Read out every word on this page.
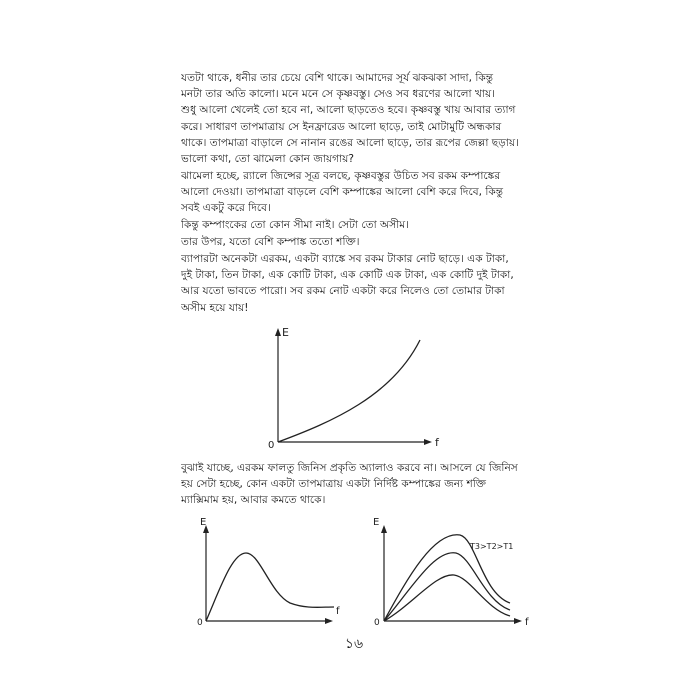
যতটা থাকে, ধনীর তার চেয়ে বেশি থাকে। আমাদের সূর্য ঝকঝকা সাদা, কিন্তু
মনটা তার অতি কালো। মনে মনে সে কৃষ্ণবস্তু। সেও সব ধরণের আলো খায়।
শুধু আলো খেলেই তো হবে না, আলো ছাড়তেও হবে। কৃষ্ণবস্তু খায় আবার ত্যাগ
করে। সাধারণ তাপমাত্রায় সে ইনফ্রারেড আলো ছাড়ে, তাই মোটামুটি অন্ধকার
থাকে। তাপমাত্রা বাড়ালে সে নানান রঙের আলো ছাড়ে, তার রূপের জেল্লা ছড়ায়।
ভালো কথা, তো ঝামেলা কোন জায়গায়?

ঝামেলা হচ্ছে, র‍্যালে জিন্সের সূত্র বলছে, কৃষ্ণবস্তুর উচিত সব রকম কম্পাঙ্কের
আলো দেওয়া। তাপমাত্রা বাড়লে বেশি কম্পাঙ্কের আলো বেশি করে দিবে, কিন্তু
সবই একটু করে দিবে।

কিন্তু কম্পাংকের তো কোন সীমা নাই। সেটা তো অসীম।

তার উপর, যতো বেশি কম্পাঙ্ক ততো শক্তি।

ব্যাপারটা অনেকটা এরকম, একটা ব্যাঙ্কে সব রকম টাকার নোট ছাড়ে। এক টাকা,
দুই টাকা, তিন টাকা, এক কোটি টাকা, এক কোটি এক টাকা, এক কোটি দুই টাকা,
আর যতো ভাবতে পারো। সব রকম নোট একটা করে নিলেও তো তোমার টাকা
অসীম হয়ে যায়!

E
f
0

বুঝাই যাচ্ছে, এরকম ফালতু জিনিস প্রকৃতি অ্যালাও করবে না। আসলে যে জিনিস
হয় সেটা হচ্ছে, কোন একটা তাপমাত্রায় একটা নির্দিষ্ট কম্পাঙ্কের জন্য শক্তি
ম্যাক্সিমাম হয়, আবার কমতে থাকে।

E
f
0
E
f
0
T3>T2>T1
১৬
